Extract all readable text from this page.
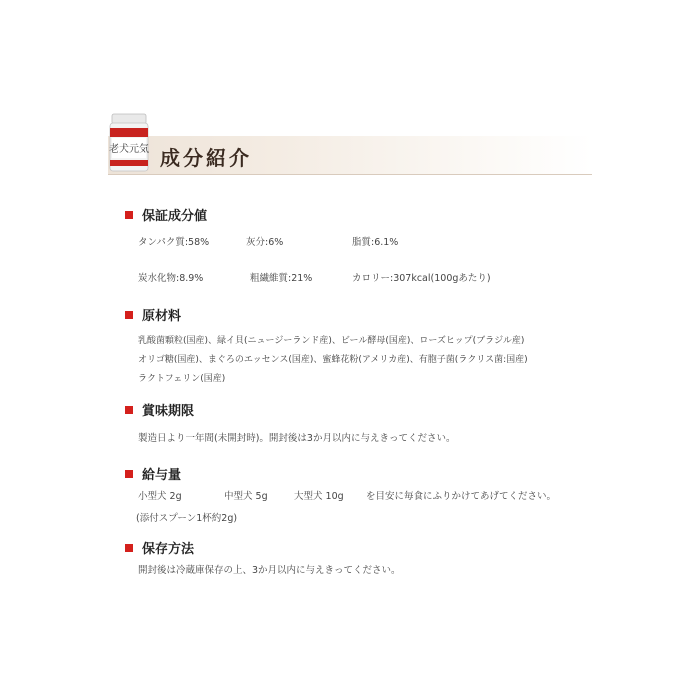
老犬元気 成分紹介
保証成分値
タンパク質:58%	灰分:6%	脂質:6.1%
炭水化物:8.9%	粗繊維質:21%	カロリー:307kcal(100gあたり)
原材料
乳酸菌顆粒(国産)、緑イ貝(ニュージーランド産)、ビール酵母(国産)、ローズヒップ(ブラジル産)
オリゴ糖(国産)、まぐろのエッセンス(国産)、蜜蜂花粉(アメリカ産)、有胞子菌(ラクリス菌:国産)
ラクトフェリン(国産)
賞味期限
製造日より一年間(未開封時)。開封後は3か月以内に与えきってください。
給与量
小型犬 2g	中型犬 5g	大型犬 10g を目安に毎食にふりかけてあげてください。
(添付スプーン1杯約2g)
保存方法
開封後は冷蔵庫保存の上、3か月以内に与えきってください。
